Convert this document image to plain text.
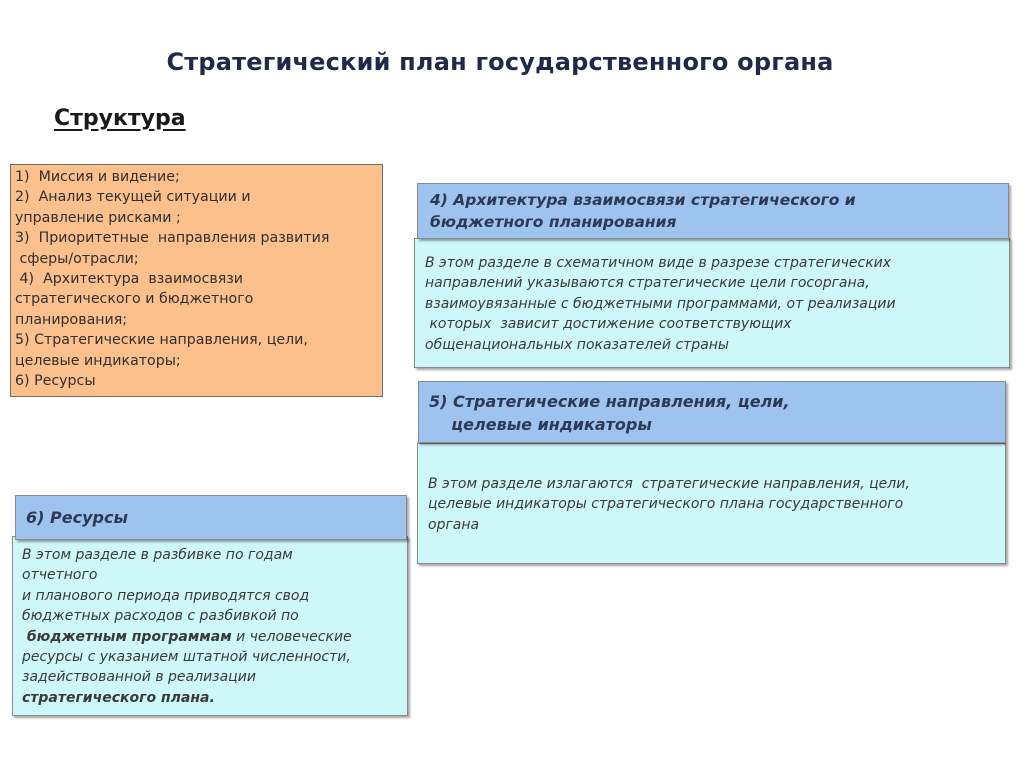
Стратегический план государственного органа
Структура
1)  Миссия и видение;
2)  Анализ текущей ситуации и
управление рисками ;
3)  Приоритетные  направления развития
сферы/отрасли;
4)  Архитектура  взаимосвязи
стратегического и бюджетного
планирования;
5) Стратегические направления, цели,
целевые индикаторы;
6) Ресурсы
В этом разделе в схематичном виде в разрезе стратегических
направлений указываются стратегические цели госоргана,
взаимоувязанные с бюджетными программами, от реализации
которых  зависит достижение соответствующих
общенациональных показателей страны
4) Архитектура взаимосвязи стратегического и
бюджетного планирования
В этом разделе излагаются  стратегические направления, цели,
целевые индикаторы стратегического плана государственного
органа
5) Стратегические направления, цели,
целевые индикаторы
В этом разделе в разбивке по годам
отчетного
и планового периода приводятся свод
бюджетных расходов с разбивкой по
бюджетным программам и человеческие
ресурсы с указанием штатной численности,
задействованной в реализации
стратегического плана.
6) Ресурсы
